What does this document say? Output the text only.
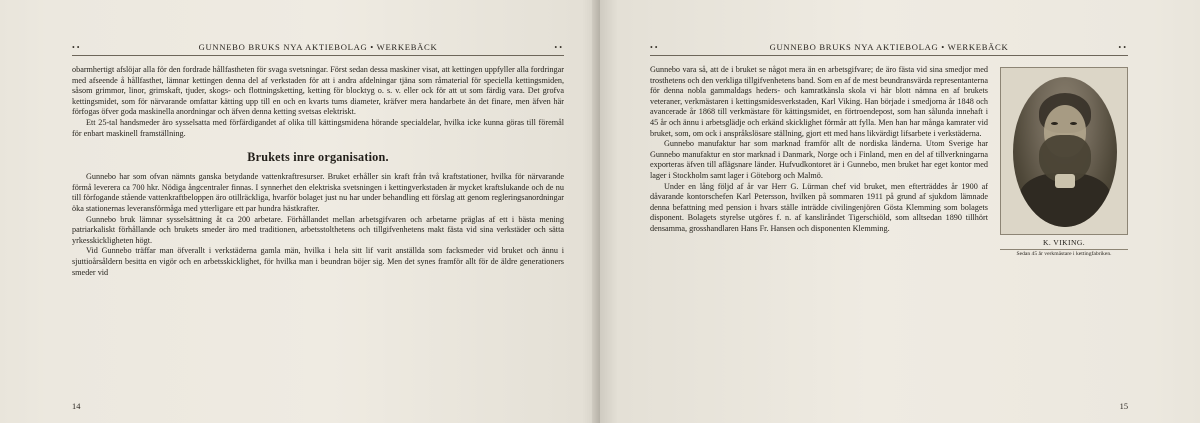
••	GUNNEBO BRUKS NYA AKTIEBOLAG • WERKEBÄCK	••

obarmhertigt afslöjar alla för den fordrade hållfastheten för svaga svetsningar. Först sedan dessa maskiner visat, att kettingen uppfyller alla fordringar med afseende å hållfasthet, lämnar kettingen denna del af verkstaden för att i andra afdelningar tjäna som råmaterial för speciella kettingsmiden, såsom grimmor, linor, grimskaft, tjuder, skogs- och flottningsketting, ketting för blocktyg o. s. v. eller ock för att ut som färdig vara. Det grofva kettingsmidet, som för närvarande omfattar kätting upp till en och en kvarts tums diameter, kräfver mera handarbete än det finare, men äfven här förfogas öfver goda maskinella anordningar och äfven denna ketting svetsas elektriskt.

Ett 25-tal handsmeder äro sysselsatta med förfärdigandet af olika till kättingsmidena hörande specialdelar, hvilka icke kunna göras till föremål för enbart maskinell framställning.

Brukets inre organisation.

Gunnebo har som ofvan nämnts ganska betydande vattenkraftresurser. Bruket erhåller sin kraft från två kraftstationer, hvilka för närvarande förmå leverera ca 700 hkr. Nödiga ångcentraler finnas. I synnerhet den elektriska svetsningen i kettingverkstaden är mycket kraftslukande och de nu till förfogande stående vattenkraftbeloppen äro otillräckliga, hvarför bolaget just nu har under behandling ett förslag att genom regleringsanordningar öka stationernas leveransförmåga med ytterligare ett par hundra hästkrafter.

Gunnebo bruk lämnar sysselsättning åt ca 200 arbetare. Förhållandet mellan arbetsgifvaren och arbetarne präglas af ett i bästa mening patriarkaliskt förhållande och brukets smeder äro med traditionen, arbetsstolthetens och tillgifvenhetens makt fästa vid sina verkstäder och sätta yrkesskickligheten högt.

Vid Gunnebo träffar man öfverallt i verkstäderna gamla män, hvilka i hela sitt lif varit anställda som facksmeder vid bruket och ännu i sjuttioårsåldern besitta en vigör och en arbetsskicklighet, för hvilka man i beundran böjer sig. Men det synes framför allt för de äldre generationers smeder vid

14
••	GUNNEBO BRUKS NYA AKTIEBOLAG • WERKEBÄCK	••
K. VIKING.
Sedan 45 år verkmästare i kettingfabriken.

Gunnebo vara så, att de i bruket se något mera än en arbetsgifvare; de äro fästa vid sina smedjor med trosthetens och den verkliga tillgifvenhetens band. Som en af de mest beundransvärda representanterna för denna nobla gammaldags heders- och kamratkänsla skola vi här blott nämna en af brukets veteraner, verkmästaren i kettingsmidesverkstaden, Karl Viking. Han började i smedjorna år 1848 och avancerade år 1868 till verkmästare för kättingsmidet, en förtroendepost, som han sålunda innehaft i 45 år och ännu i arbetsglädje och erkänd skicklighet förmår att fylla. Men han har många kamrater vid bruket, som, om ock i anspråkslösare ställning, gjort ett med hans likvärdigt lifsarbete i verkstäderna.

Gunnebo manufaktur har som marknad framför allt de nordiska länderna. Utom Sverige har Gunnebo manufaktur en stor marknad i Danmark, Norge och i Finland, men en del af tillverkningarna exporteras äfven till aflägsnare länder. Hufvudkontoret är i Gunnebo, men bruket har eget kontor med lager i Stockholm samt lager i Göteborg och Malmö.

Under en lång följd af år var Herr G. Lürman chef vid bruket, men efterträddes år 1900 af dåvarande kontorschefen Karl Petersson, hvilken på sommaren 1911 på grund af sjukdom lämnade denna befattning med pension i hvars ställe inträdde civilingenjören Gösta Klemming som bolagets disponent. Bolagets styrelse utgöres f. n. af kansliråndet Tigerschiöld, som alltsedan 1890 tillhört densamma, grosshandlaren Hans Fr. Hansen och disponenten Klemming.

15
